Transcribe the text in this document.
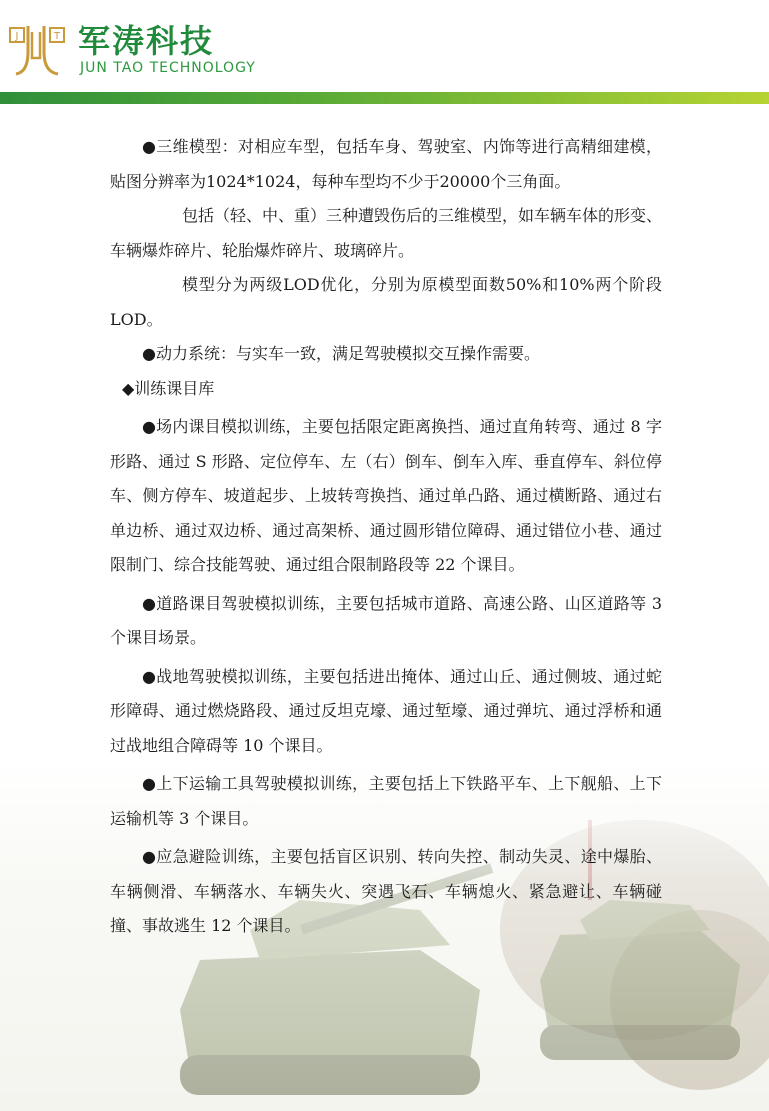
J	T 军涛科技
JUN TAO TECHNOLOGY

●三维模型：对相应车型，包括车身、驾驶室、内饰等进行高精细建模，贴图分辨率为1024*1024，每种车型均不少于20000个三角面。

包括（轻、中、重）三种遭毁伤后的三维模型，如车辆车体的形变、车辆爆炸碎片、轮胎爆炸碎片、玻璃碎片。

模型分为两级LOD优化，分别为原模型面数50%和10%两个阶段LOD。

●动力系统：与实车一致，满足驾驶模拟交互操作需要。

◆训练课目库

●场内课目模拟训练，主要包括限定距离换挡、通过直角转弯、通过 8 字形路、通过 S 形路、定位停车、左（右）倒车、倒车入库、垂直停车、斜位停车、侧方停车、坡道起步、上坡转弯换挡、通过单凸路、通过横断路、通过右单边桥、通过双边桥、通过高架桥、通过圆形错位障碍、通过错位小巷、通过限制门、综合技能驾驶、通过组合限制路段等 22 个课目。

●道路课目驾驶模拟训练，主要包括城市道路、高速公路、山区道路等 3 个课目场景。

●战地驾驶模拟训练，主要包括进出掩体、通过山丘、通过侧坡、通过蛇形障碍、通过燃烧路段、通过反坦克壕、通过堑壕、通过弹坑、通过浮桥和通过战地组合障碍等 10 个课目。

●上下运输工具驾驶模拟训练，主要包括上下铁路平车、上下舰船、上下运输机等 3 个课目。

●应急避险训练，主要包括盲区识别、转向失控、制动失灵、途中爆胎、车辆侧滑、车辆落水、车辆失火、突遇飞石、车辆熄火、紧急避让、车辆碰撞、事故逃生 12 个课目。
